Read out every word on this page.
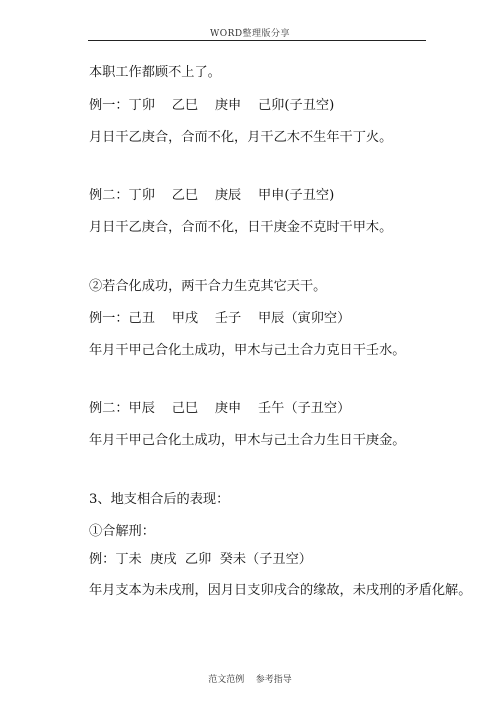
WORD整理版分享
本职工作都顾不上了。
例一：丁卯    乙巳    庚申    己卯(子丑空)
月日干乙庚合，合而不化，月干乙木不生年干丁火。
例二：丁卯    乙巳    庚辰    甲申(子丑空)
月日干乙庚合，合而不化，日干庚金不克时干甲木。
②若合化成功，两干合力生克其它天干。
例一：己丑    甲戌    壬子    甲辰（寅卯空）
年月干甲己合化土成功，甲木与己土合力克日干壬水。
例二：甲辰    己巳    庚申    壬午（子丑空）
年月干甲己合化土成功，甲木与己土合力生日干庚金。
3、地支相合后的表现：
①合解刑：
例：丁未  庚戌  乙卯  癸未（子丑空）
年月支本为未戌刑，因月日支卯戌合的缘故，未戌刑的矛盾化解。
范文范例    参考指导
